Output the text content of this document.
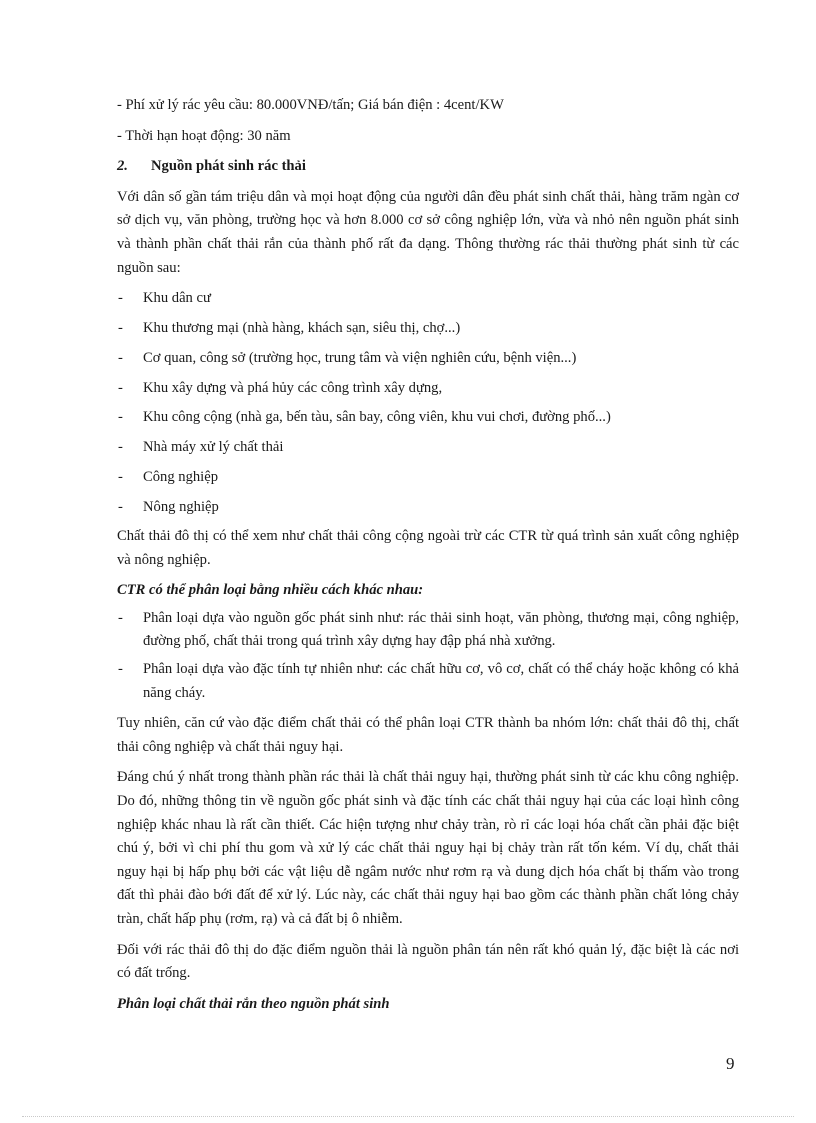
- Phí xử lý rác yêu cầu: 80.000VNĐ/tấn; Giá bán điện : 4cent/KW

- Thời hạn hoạt động: 30 năm

2.	Nguồn phát sinh rác thải

Với dân số gần tám triệu dân và mọi hoạt động của người dân đều phát sinh chất thải, hàng trăm ngàn cơ sở dịch vụ, văn phòng, trường học và hơn 8.000 cơ sở công nghiệp lớn, vừa và nhỏ nên nguồn phát sinh và thành phần chất thải rắn của thành phố rất đa dạng. Thông thường rác thải thường phát sinh từ các nguồn sau:

- Khu dân cư
- Khu thương mại (nhà hàng, khách sạn, siêu thị, chợ...)
- Cơ quan, công sở (trường học, trung tâm và viện nghiên cứu, bệnh viện...)
- Khu xây dựng và phá hủy các công trình xây dựng,
- Khu công cộng (nhà ga, bến tàu, sân bay, công viên, khu vui chơi, đường phố...)
- Nhà máy xử lý chất thải
- Công nghiệp
- Nông nghiệp

Chất thải đô thị có thể xem như chất thải công cộng ngoài trừ các CTR từ quá trình sản xuất công nghiệp và nông nghiệp.

CTR có thể phân loại bằng nhiều cách khác nhau:

- Phân loại dựa vào nguồn gốc phát sinh như: rác thải sinh hoạt, văn phòng, thương mại, công nghiệp, đường phố, chất thải trong quá trình xây dựng hay đập phá nhà xưởng.
- Phân loại dựa vào đặc tính tự nhiên như: các chất hữu cơ, vô cơ, chất có thể cháy hoặc không có khả năng cháy.

Tuy nhiên, căn cứ vào đặc điểm chất thải có thể phân loại CTR thành ba nhóm lớn: chất thải đô thị, chất thải công nghiệp và chất thải nguy hại.

Đáng chú ý nhất trong thành phần rác thải là chất thải nguy hại, thường phát sinh từ các khu công nghiệp. Do đó, những thông tin về nguồn gốc phát sinh và đặc tính các chất thải nguy hại của các loại hình công nghiệp khác nhau là rất cần thiết. Các hiện tượng như chảy tràn, rò rỉ các loại hóa chất cần phải đặc biệt chú ý, bởi vì chi phí thu gom và xử lý các chất thải nguy hại bị chảy tràn rất tốn kém. Ví dụ, chất thải nguy hại bị hấp phụ bởi các vật liệu dễ ngâm nước như rơm rạ và dung dịch hóa chất bị thấm vào trong đất thì phải đào bới đất để xử lý. Lúc này, các chất thải nguy hại bao gồm các thành phần chất lỏng chảy tràn, chất hấp phụ (rơm, rạ) và cả đất bị ô nhiễm.

Đối với rác thải đô thị do đặc điểm nguồn thải là nguồn phân tán nên rất khó quản lý, đặc biệt là các nơi có đất trống.

Phân loại chất thải rắn theo nguồn phát sinh

9
